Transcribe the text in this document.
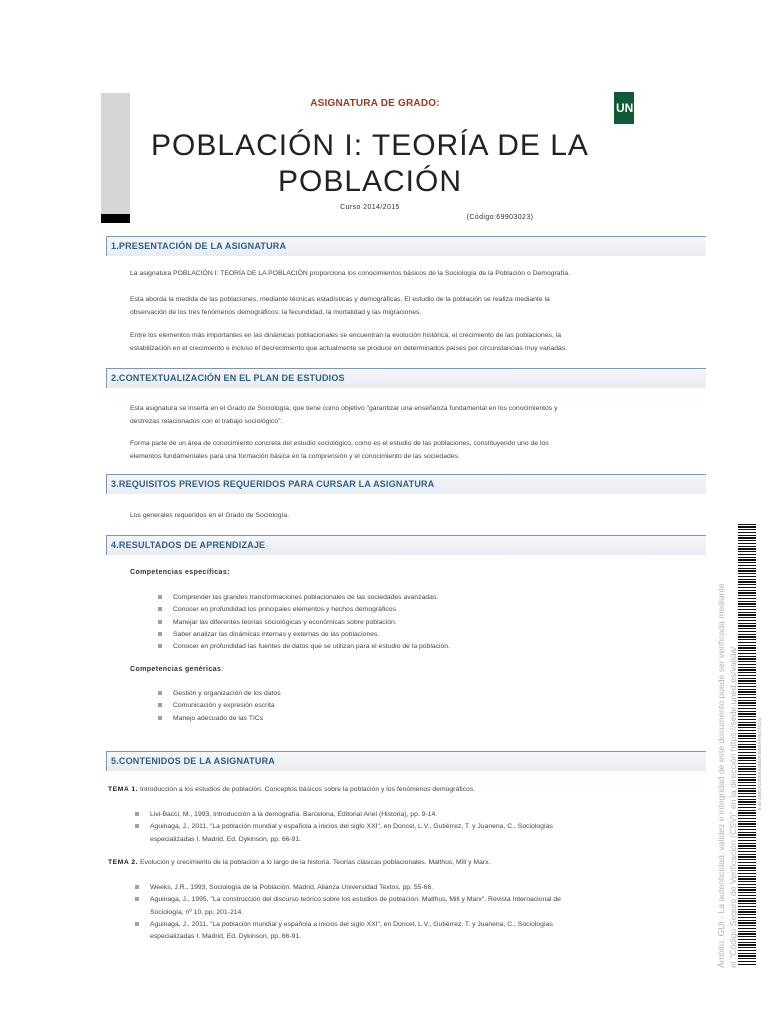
UNED
ASIGNATURA DE GRADO:
POBLACIÓN I: TEORÍA DE LA
POBLACIÓN
Curso 2014/2015
(Código:69903023)
1.PRESENTACIÓN DE LA ASIGNATURA
La asignatura POBLACIÓN I: TEORÍA DE LA POBLACIÓN proporciona los conocimientos básicos de la Sociología de la Población o Demografía.
Esta aborda la medida de las poblaciones, mediante técnicas estadísticas y demográficas. El estudio de la población se realiza mediante la
observación de los tres fenómenos demográficos: la fecundidad, la mortalidad y las migraciones.
Entre los elementos más importantes en las dinámicas poblacionales se encuentran la evolución histórica, el crecimiento de las poblaciones, la
estabilización en el crecimiento e incluso el decrecimiento que actualmente se produce en determinados países por circunstancias muy variadas.
2.CONTEXTUALIZACIÓN EN EL PLAN DE ESTUDIOS
Esta asignatura se inserta en el Grado de Sociología, que tiene como objetivo "garantizar una enseñanza fundamental en los conocimientos y
destrezas relacionados con el trabajo sociológico".
Forma parte de un área de conocimiento concreta del estudio sociológico, como es el estudio de las poblaciones, constituyendo uno de los
elementos fundamentales para una formación básica en la comprensión y el conocimiento de las sociedades.
3.REQUISITOS PREVIOS REQUERIDOS PARA CURSAR LA ASIGNATURA
Los generales requeridos en el Grado de Sociología.
4.RESULTADOS DE APRENDIZAJE
Competencias específicas:
Comprender las grandes transformaciones poblacionales de las sociedades avanzadas.
Conocer en profundidad los principales elementos y hechos demográficos.
Manejar las diferentes teorías sociológicas y económicas sobre población.
Saber analizar las dinámicas internas y externas de las poblaciones.
Conocer en profundidad las fuentes de datos que se utilizan para el estudio de la población.
Competencias genéricas:
Gestión y organización de los datos
Comunicación y expresión escrita
Manejo adecuado de las TICs
5.CONTENIDOS DE LA ASIGNATURA
TEMA 1. Introducción a los estudios de población. Conceptos básicos sobre la población y los fenómenos demográficos.
Livi-Bacci, M., 1993, Introducción a la demografía. Barcelona, Editorial Ariel (Historia), pp. 9-14.
Aguinaga, J., 2011, "La población mundial y española a inicios del siglo XXI", en Doncel, L.V., Gutiérrez, T. y Juanena, C., Sociologías
especializadas I. Madrid, Ed. Dykinson, pp. 66-91.
TEMA 2. Evolución y crecimiento de la población a lo largo de la historia. Teorías clásicas poblacionales. Malthus, Mill y Marx.
Weeks, J.R., 1993, Sociología de la Población. Madrid, Alianza Universidad Textos, pp. 55-66.
Aguinaga, J., 1995, "La construcción del discurso teórico sobre los estudios de población: Malthus, Mill y Marx". Revista Internacional de
Sociología, nº 10, pp. 201-214.
Aguinaga, J., 2011, "La población mundial y española a inicios del siglo XXI", en Doncel, L.V., Gutiérrez, T. y Juanena, C., Sociologías
especializadas I. Madrid, Ed. Dykinson, pp. 66-91.	Ámbito: GUI - La autenticidad, validez e integridad de este documento puede ser verificada mediante el "Código Seguro de Verificación (CSV)" en la dirección https://sede.uned.es/valida/	6-45 1B8DAD35E5A4B03F2EE5AF9ED75173
